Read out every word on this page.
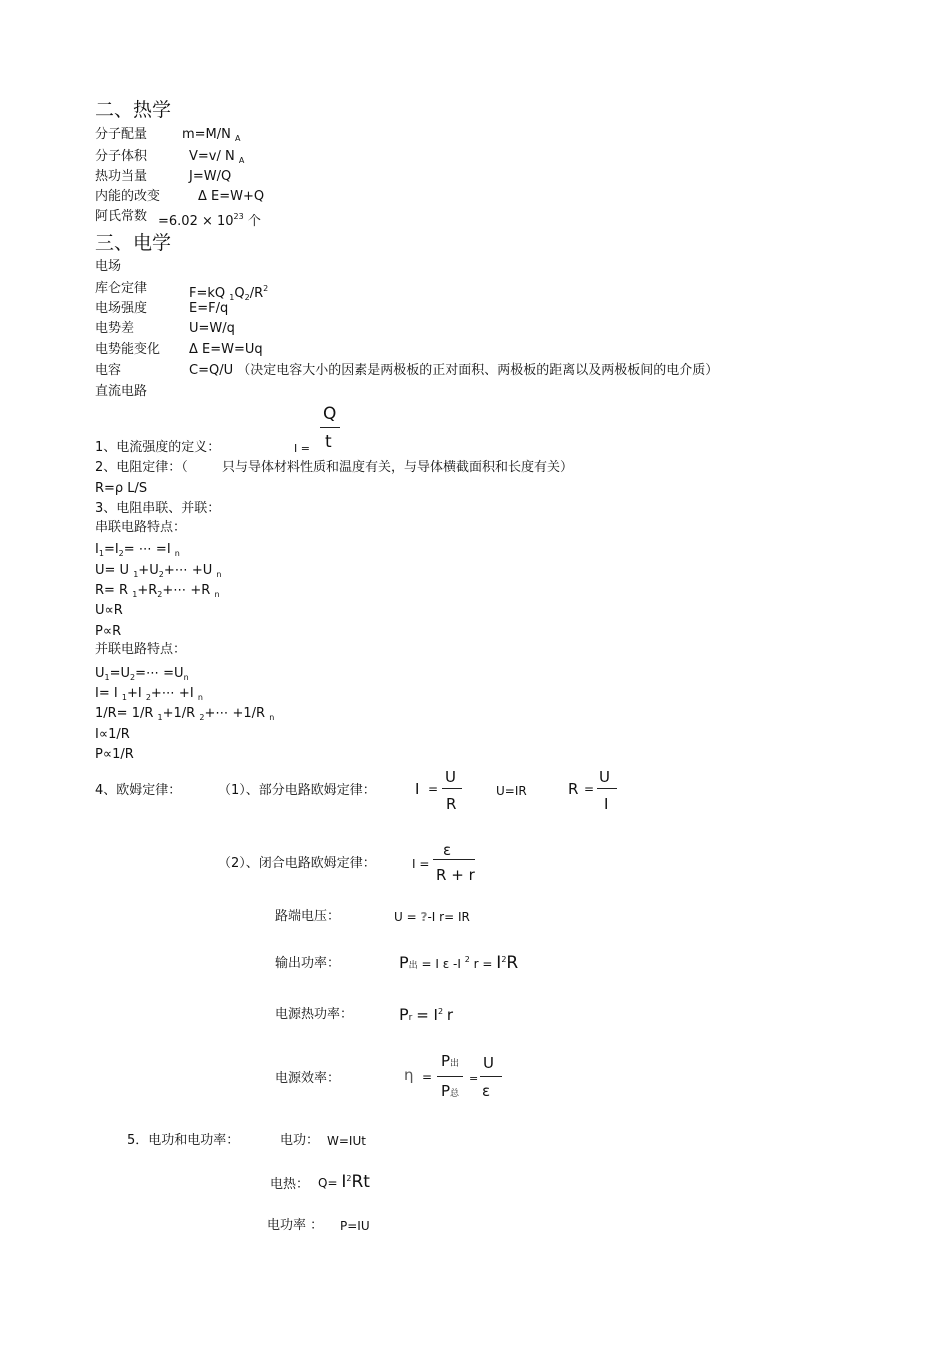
二、热学
分子配量	m=M/N $_A$
分子体积	V=v/ N $_A$
热功当量	J=W/Q
内能的改变	Δ E=W+Q
阿氏常数 $=6.02 \times 10^{23}$ 个
三、电学
电场
库仑定律	F=kQ $_1Q_2/R^2$
电场强度	E=F/q
电势差	U=W/q
电势能变化 Δ E=W=Uq
电容	C=Q/U （决定电容大小的因素是两极板的正对面积、两极板的距离以及两极板间的电介质）
直流电路
1、电流强度的定义：	I =
Q
t
2、电阻定律：（	只与导体材料性质和温度有关，与导体横截面积和长度有关）
R=ρ L/S
3、电阻串联、并联：
串联电路特点：
$I_1=I_2=$ ⋯ =I $_n$
U= U $_1+U_2+\cdots +U$ $_n$
R= R $_1+R_2+\cdots +R$ $_n$
U∝R
P∝R
并联电路特点：
$U_1=U_2=\cdots =U_n$
I= I $_1$+I $_2$+⋯ +I $_n$
1/R= 1/R $_1$+1/R $_2$+⋯ +1/R $_n$
I∝1/R
P∝1/R
4、欧姆定律：	（1）、部分电路欧姆定律：	I =
U
R
U=IR	R =
U
I
（2）、闭合电路欧姆定律：	I =
ε
R + r
路端电压：	U = ?-I r= IR
输出功率：	P出 = I ε -I $^2$ $r = I^2R$
电源热功率：	$Pr = I^2$ r
电源效率：	η =
P出
P总
=
U
ε
5．电功和电功率：	电功： W=IUt
电热： $Q= I^2Rt$
电功率 ： P=IU
